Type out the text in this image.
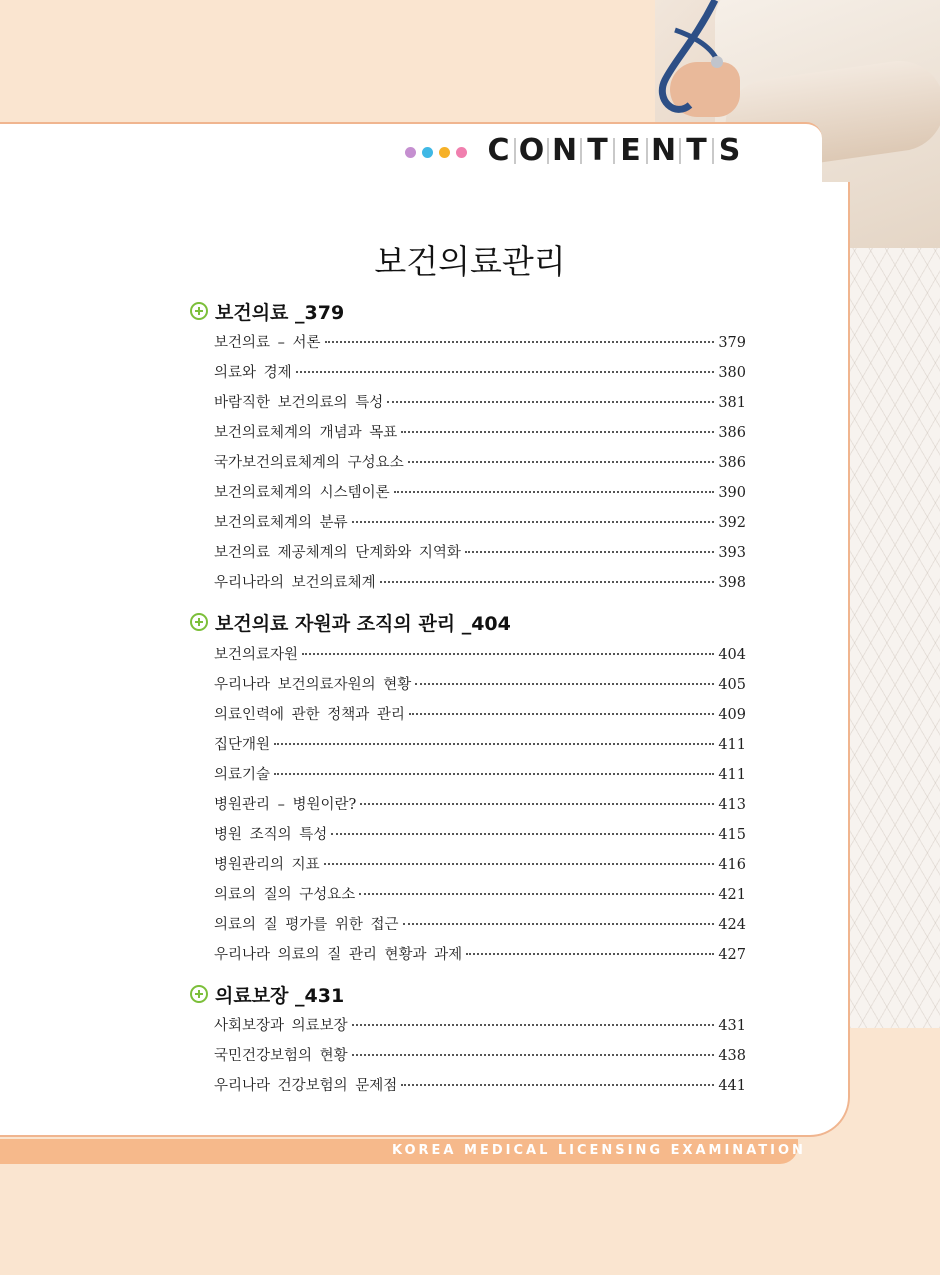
C O N T E N T S
보건의료관리
보건의료 _379
보건의료 – 서론	379
의료와 경제	380
바람직한 보건의료의 특성	381
보건의료체계의 개념과 목표	386
국가보건의료체계의 구성요소	386
보건의료체계의 시스템이론	390
보건의료체계의 분류	392
보건의료 제공체계의 단계화와 지역화	393
우리나라의 보건의료체계	398
보건의료 자원과 조직의 관리 _404
보건의료자원	404
우리나라 보건의료자원의 현황	405
의료인력에 관한 정책과 관리	409
집단개원	411
의료기술	411
병원관리 – 병원이란?	413
병원 조직의 특성	415
병원관리의 지표	416
의료의 질의 구성요소	421
의료의 질 평가를 위한 접근	424
우리나라 의료의 질 관리 현황과 과제	427
의료보장 _431
사회보장과 의료보장	431
국민건강보험의 현황	438
우리나라 건강보험의 문제점	441
KOREA MEDICAL LICENSING EXAMINATION
